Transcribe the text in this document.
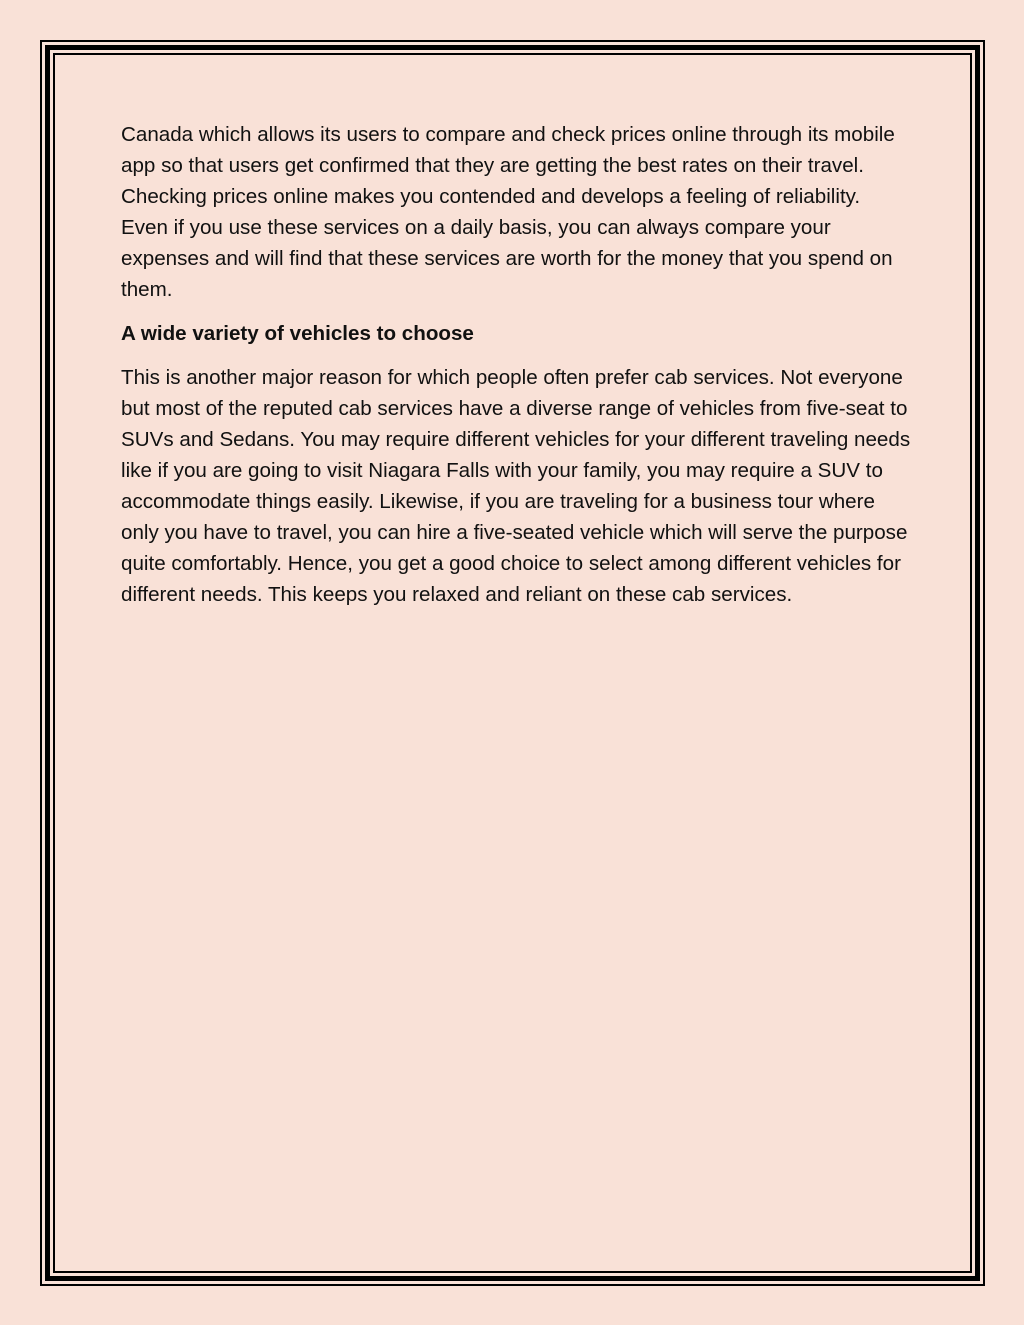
Canada which allows its users to compare and check prices online through its mobile app so that users get confirmed that they are getting the best rates on their travel. Checking prices online makes you contended and develops a feeling of reliability. Even if you use these services on a daily basis, you can always compare your expenses and will find that these services are worth for the money that you spend on them.

A wide variety of vehicles to choose

This is another major reason for which people often prefer cab services. Not everyone but most of the reputed cab services have a diverse range of vehicles from five-seat to SUVs and Sedans. You may require different vehicles for your different traveling needs like if you are going to visit Niagara Falls with your family, you may require a SUV to accommodate things easily. Likewise, if you are traveling for a business tour where only you have to travel, you can hire a five-seated vehicle which will serve the purpose quite comfortably. Hence, you get a good choice to select among different vehicles for different needs. This keeps you relaxed and reliant on these cab services.
